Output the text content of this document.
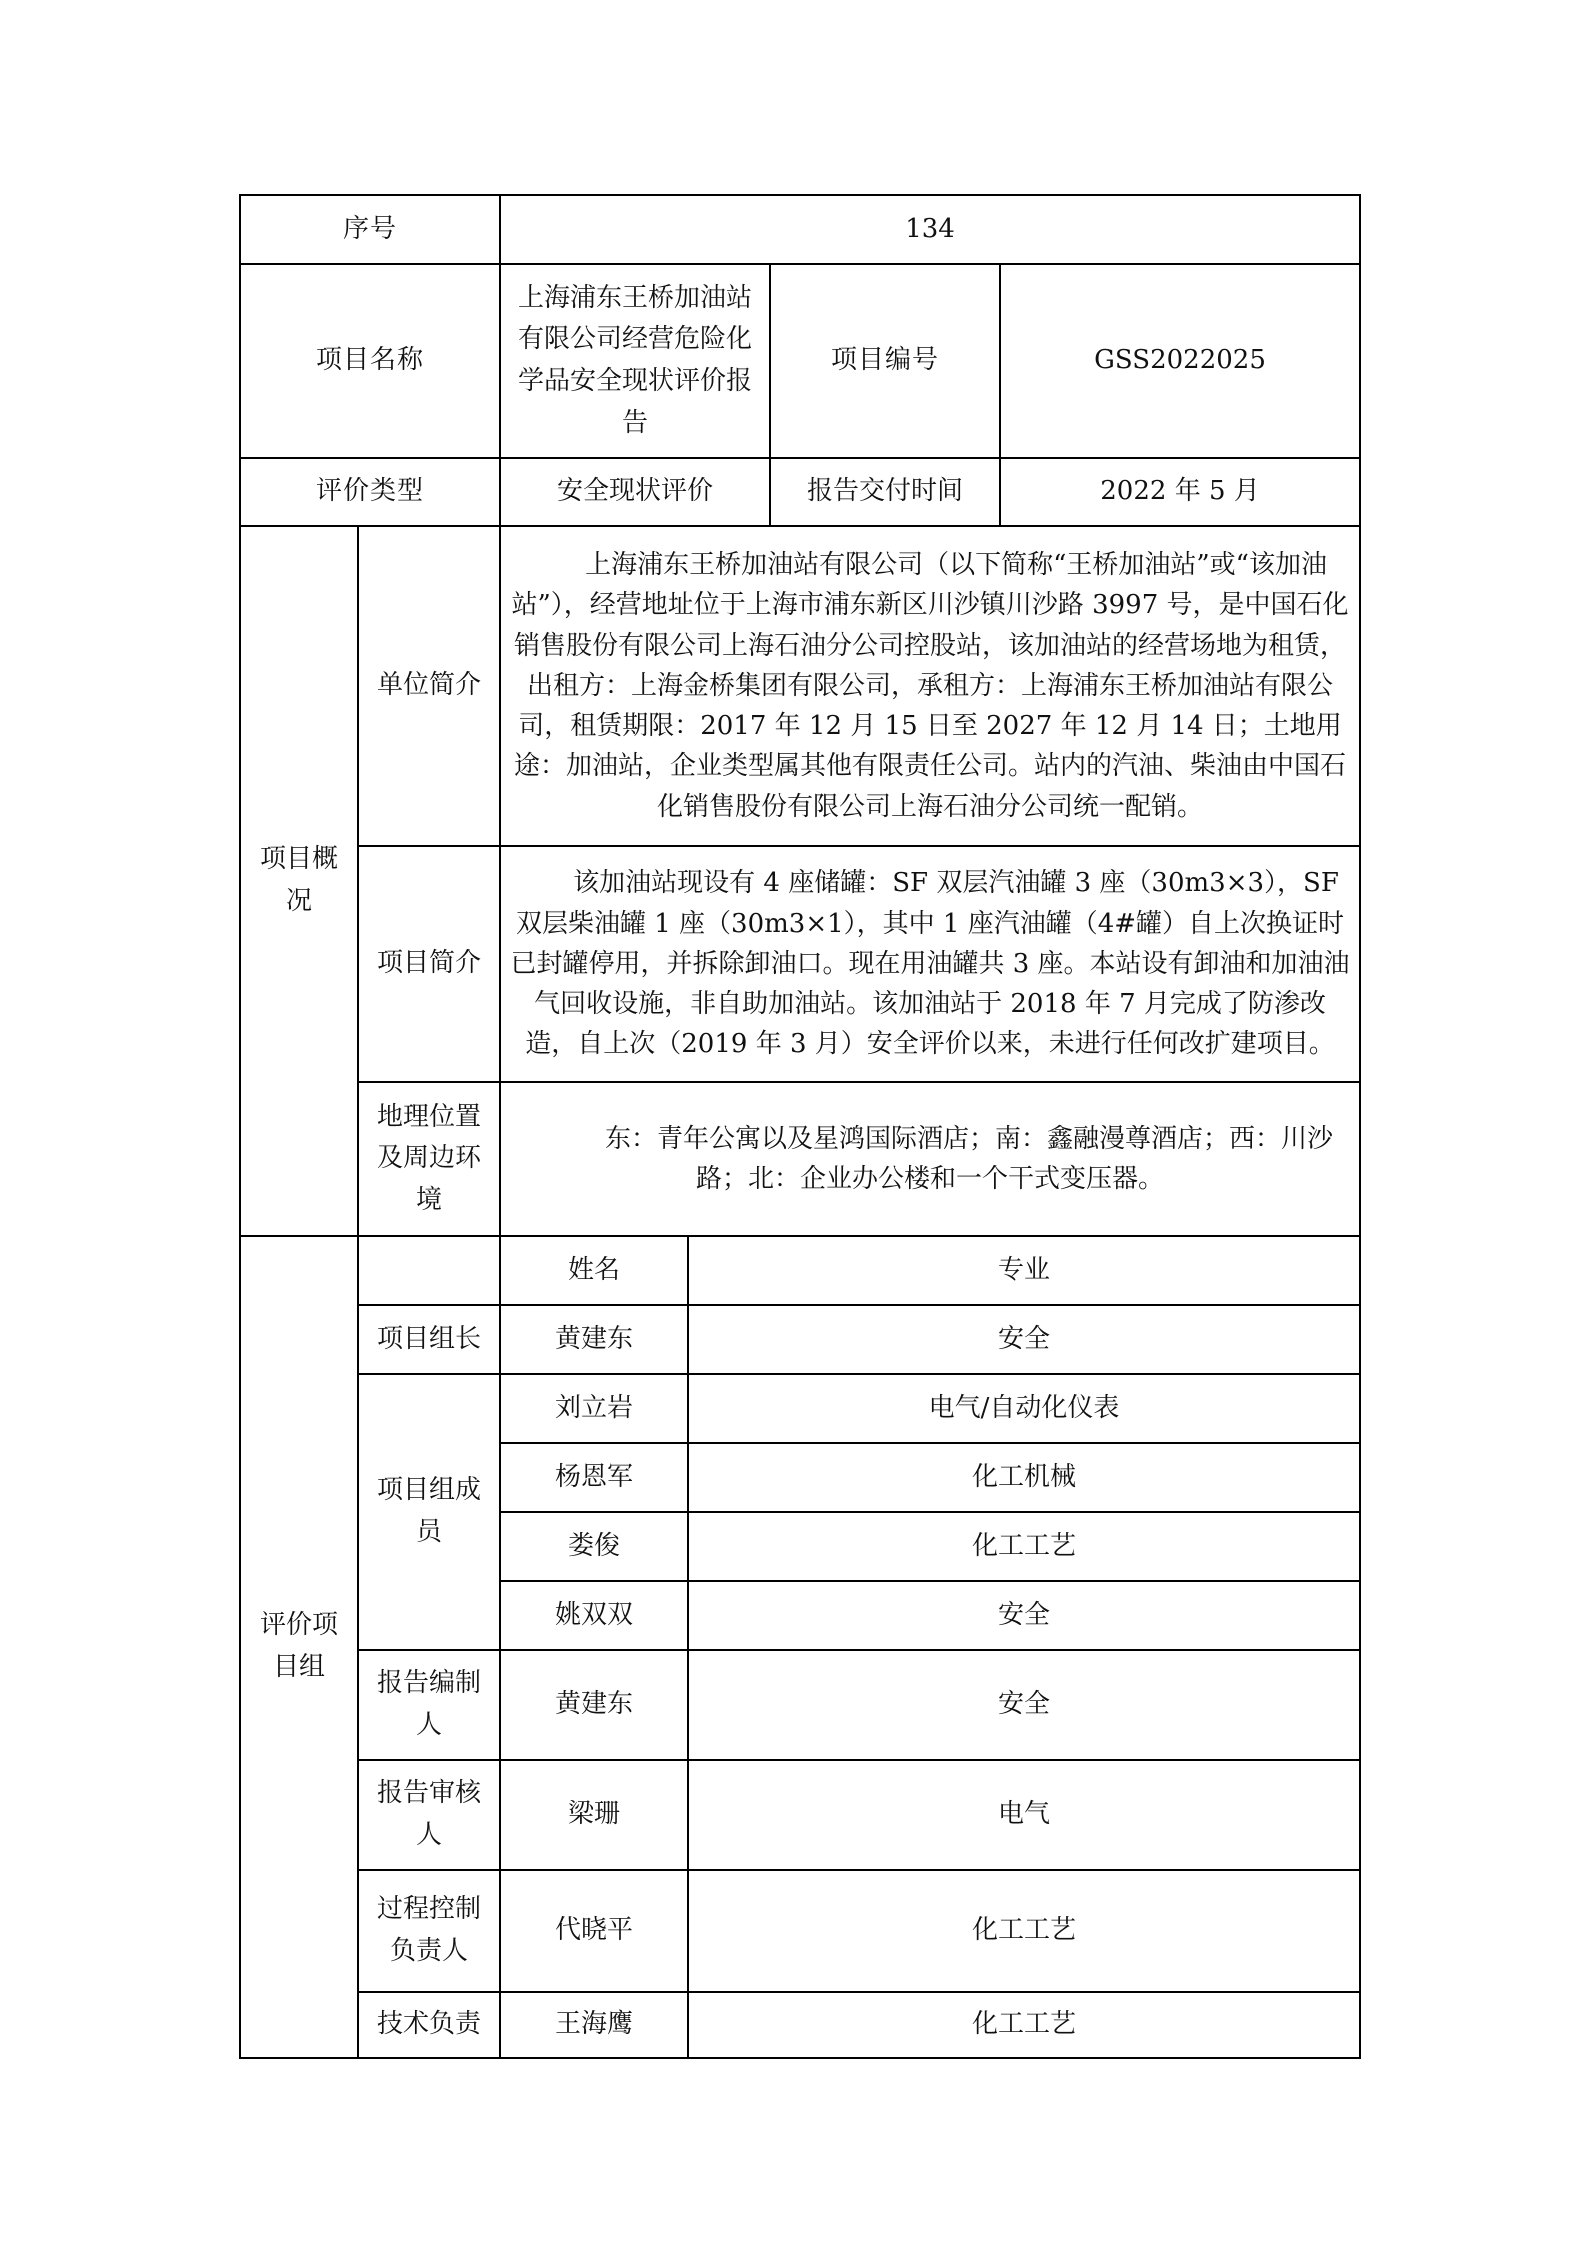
序号		134			
项目名称		上海浦东王桥加油站有限公司经营危险化学品安全现状评价报告		项目编号	GSS2022025
评价类型		安全现状评价		报告交付时间	2022 年 5 月
项目概况	单位简介	上海浦东王桥加油站有限公司（以下简称“王桥加油站”或“该加油站”），经营地址位于上海市浦东新区川沙镇川沙路 3997 号，是中国石化销售股份有限公司上海石油分公司控股站，该加油站的经营场地为租赁，出租方：上海金桥集团有限公司，承租方：上海浦东王桥加油站有限公司，租赁期限：2017 年 12 月 15 日至 2027 年 12 月 14 日；土地用途：加油站，企业类型属其他有限责任公司。站内的汽油、柴油由中国石化销售股份有限公司上海石油分公司统一配销。			

	项目简介	该加油站现设有 4 座储罐：SF 双层汽油罐 3 座（30m3×3），SF 双层柴油罐 1 座（30m3×1），其中 1 座汽油罐（4#罐）自上次换证时已封罐停用，并拆除卸油口。现在用油罐共 3 座。本站设有卸油和加油油气回收设施，非自助加油站。该加油站于 2018 年 7 月完成了防渗改造，自上次（2019 年 3 月）安全评价以来，未进行任何改扩建项目。			

	地理位置及周边环境	东：青年公寓以及星鸿国际酒店；南：鑫融漫尊酒店；西：川沙路；北：企业办公楼和一个干式变压器。			

评价项目组		姓名	专业		
	项目组长	黄建东	安全		
	项目组成员	刘立岩	电气/自动化仪表		
		杨恩军	化工机械		
		娄俊	化工工艺		
		姚双双	安全		
	报告编制人	黄建东	安全		
	报告审核人	梁珊	电气		
	过程控制负责人	代晓平	化工工艺		
	技术负责	王海鹰	化工工艺		
